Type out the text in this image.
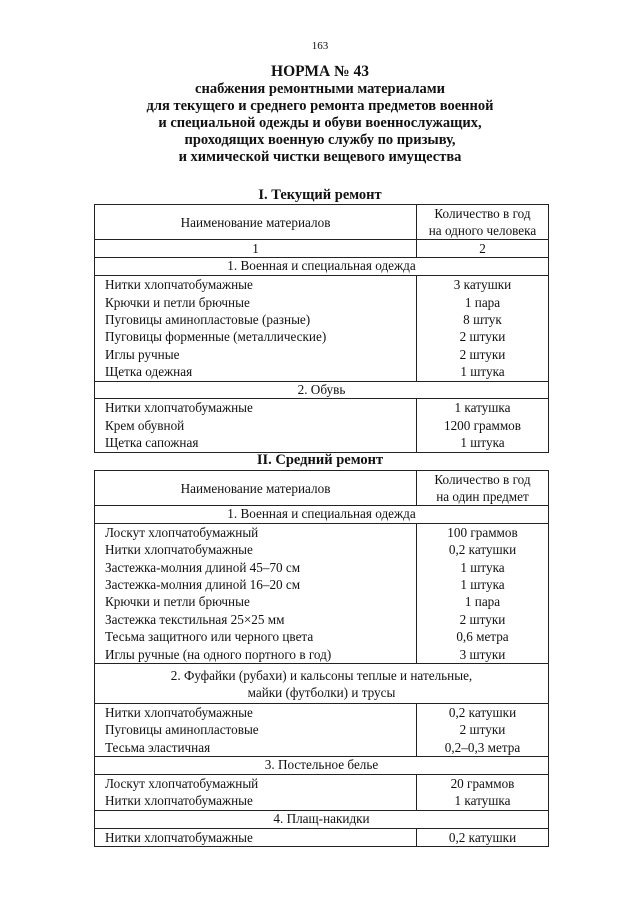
163
НОРМА № 43
снабжения ремонтными материалами
для текущего и среднего ремонта предметов военной
и специальной одежды и обуви военнослужащих,
проходящих военную службу по призыву,
и химической чистки вещевого имущества
I. Текущий ремонт
Наименование материалов	Количество в год
на одного человека

1	2
1. Военная и специальная одежда	
Нитки хлопчатобумажные	3 катушки
Крючки и петли брючные	1 пара
Пуговицы аминопластовые (разные)	8 штук
Пуговицы форменные (металлические)	2 штуки
Иглы ручные	2 штуки
Щетка одежная	1 штука
2. Обувь	
Нитки хлопчатобумажные	1 катушка
Крем обувной	1200 граммов
Щетка сапожная	1 штука
II. Средний ремонт
Наименование материалов	Количество в год
на один предмет

1. Военная и специальная одежда	
Лоскут хлопчатобумажный	100 граммов
Нитки хлопчатобумажные	0,2 катушки
Застежка-молния длиной 45–70 см	1 штука
Застежка-молния длиной 16–20 см	1 штука
Крючки и петли брючные	1 пара
Застежка текстильная 25×25 мм	2 штуки
Тесьма защитного или черного цвета	0,6 метра
Иглы ручные (на одного портного в год)	3 штуки

2. Фуфайки (рубахи) и кальсоны теплые и нательные,
майки (футболки) и трусы	

Нитки хлопчатобумажные	0,2 катушки
Пуговицы аминопластовые	2 штуки
Тесьма эластичная	0,2–0,3 метра
3. Постельное белье	
Лоскут хлопчатобумажный	20 граммов
Нитки хлопчатобумажные	1 катушка
4. Плащ-накидки	
Нитки хлопчатобумажные	0,2 катушки
